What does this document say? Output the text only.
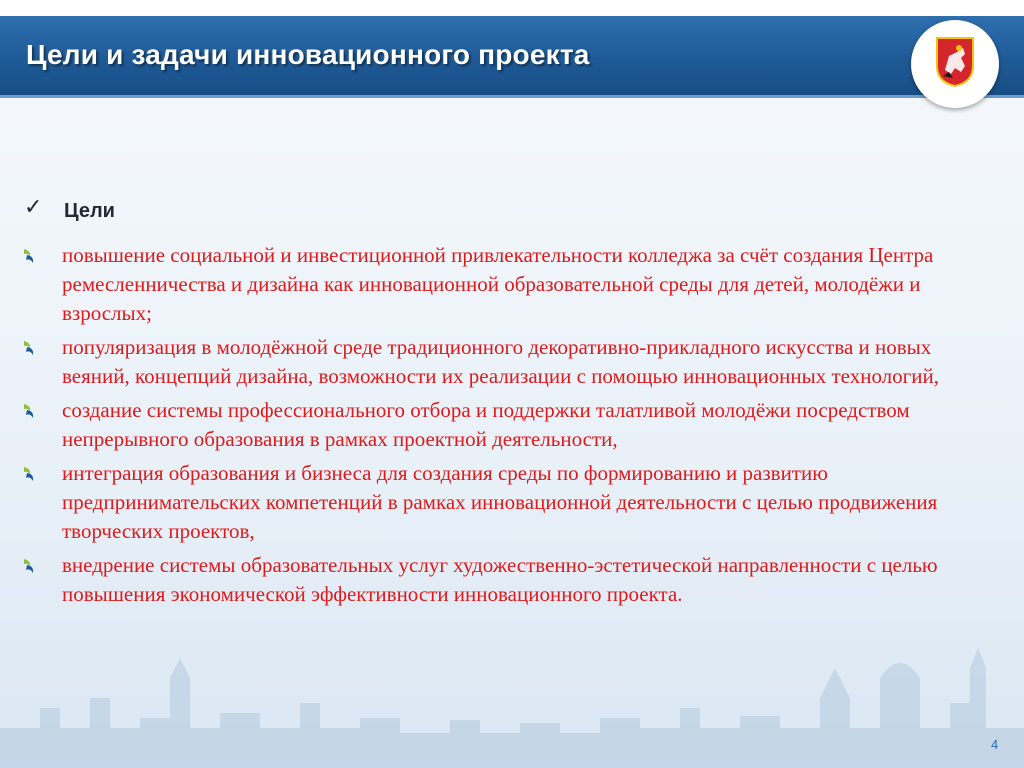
Цели и задачи инновационного проекта
✓ Цели
повышение социальной и инвестиционной привлекательности колледжа за счёт создания Центра ремесленничества и дизайна как инновационной образовательной среды для детей, молодёжи и взрослых;
популяризация в молодёжной среде традиционного декоративно-прикладного искусства и новых веяний, концепций дизайна, возможности их реализации с помощью инновационных технологий,
создание системы профессионального отбора и поддержки талатливой молодёжи посредством непрерывного образования в рамках проектной деятельности,
интеграция образования и бизнеса для создания среды по формированию и развитию предпринимательских компетенций в рамках инновационной деятельности с целью продвижения творческих проектов,
внедрение системы образовательных услуг художественно-эстетической направленности с целью повышения экономической эффективности инновационного проекта.
4
